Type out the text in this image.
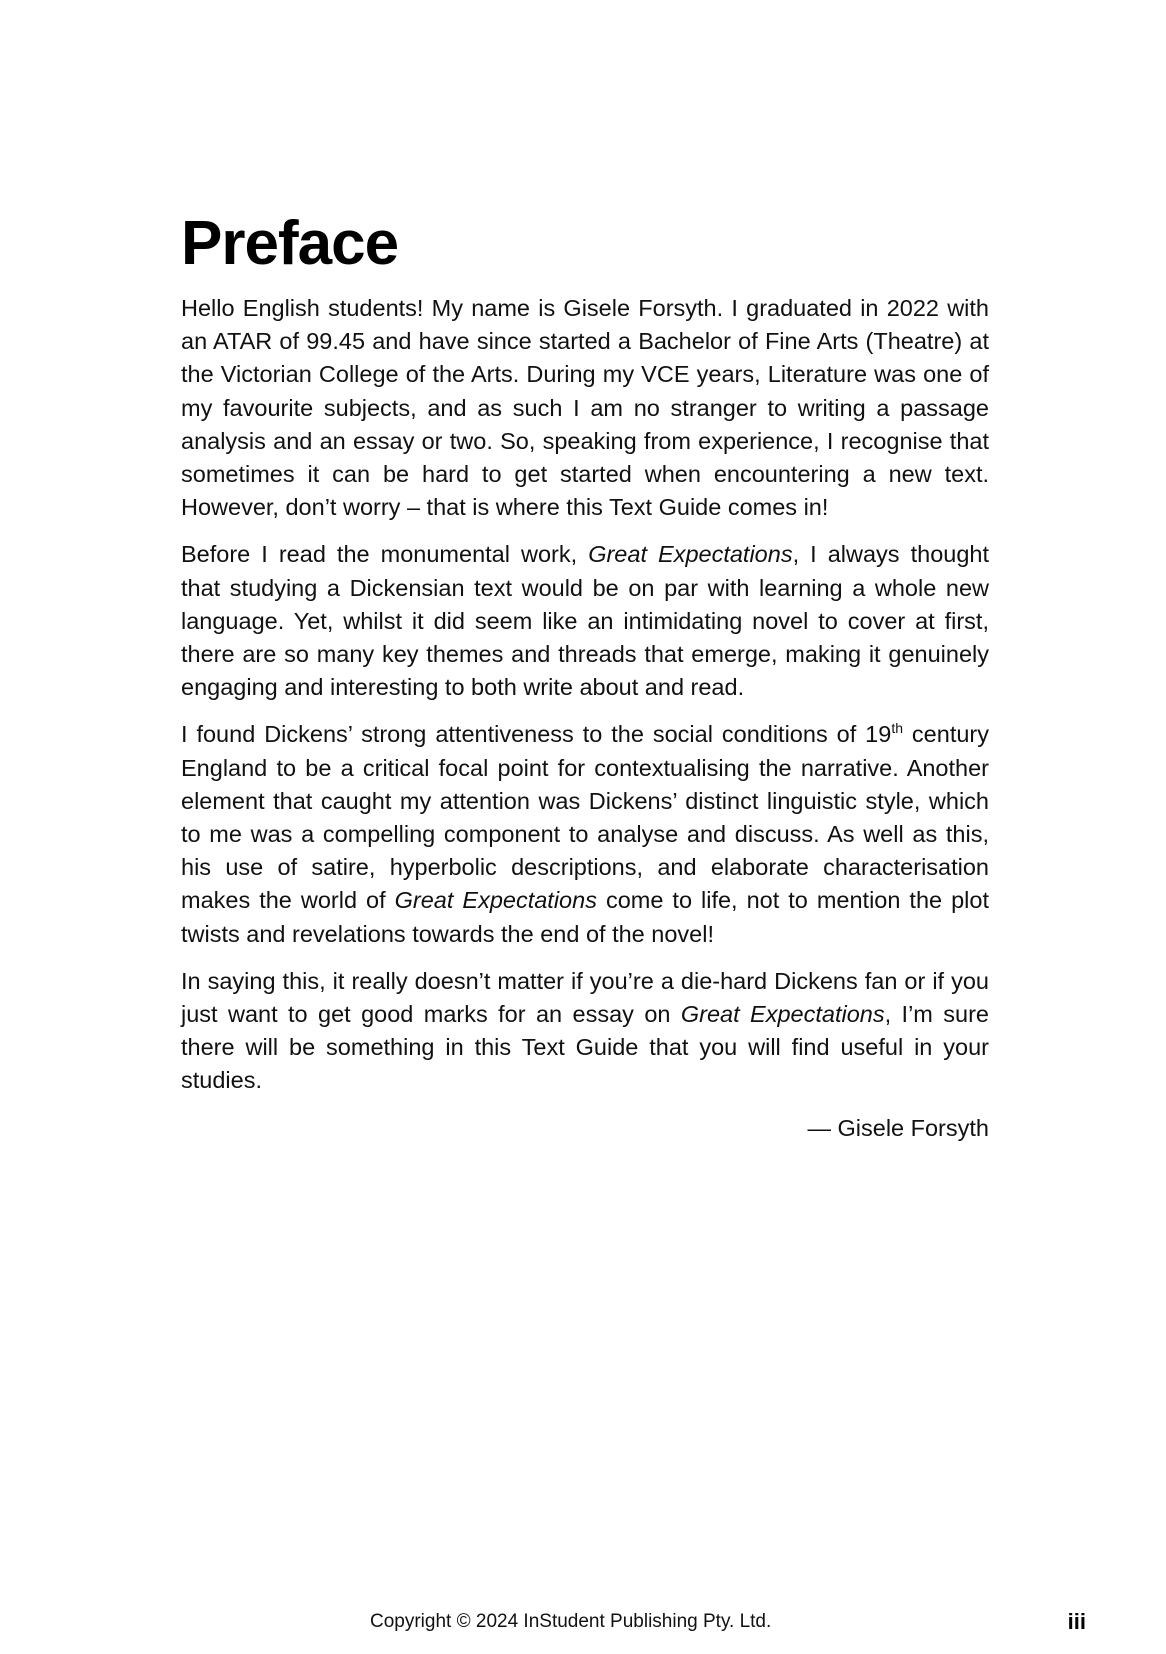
Preface

Hello English students! My name is Gisele Forsyth. I graduated in 2022 with an ATAR of 99.45 and have since started a Bachelor of Fine Arts (Theatre) at the Victorian College of the Arts. During my VCE years, Literature was one of my favourite subjects, and as such I am no stranger to writing a passage analysis and an essay or two. So, speaking from experience, I recognise that sometimes it can be hard to get started when encountering a new text. However, don’t worry – that is where this Text Guide comes in!

Before I read the monumental work, Great Expectations, I always thought that studying a Dickensian text would be on par with learning a whole new language. Yet, whilst it did seem like an intimidating novel to cover at first, there are so many key themes and threads that emerge, making it genuinely engaging and interesting to both write about and read.

I found Dickens’ strong attentiveness to the social conditions of 19th century England to be a critical focal point for contextualising the narrative. Another element that caught my attention was Dickens’ distinct linguistic style, which to me was a compelling component to analyse and discuss. As well as this, his use of satire, hyperbolic descriptions, and elaborate characterisation makes the world of Great Expectations come to life, not to mention the plot twists and revelations towards the end of the novel!

In saying this, it really doesn’t matter if you’re a die-hard Dickens fan or if you just want to get good marks for an essay on Great Expectations, I’m sure there will be something in this Text Guide that you will find useful in your studies.

— Gisele Forsyth

Copyright © 2024 InStudent Publishing Pty. Ltd.	iii
